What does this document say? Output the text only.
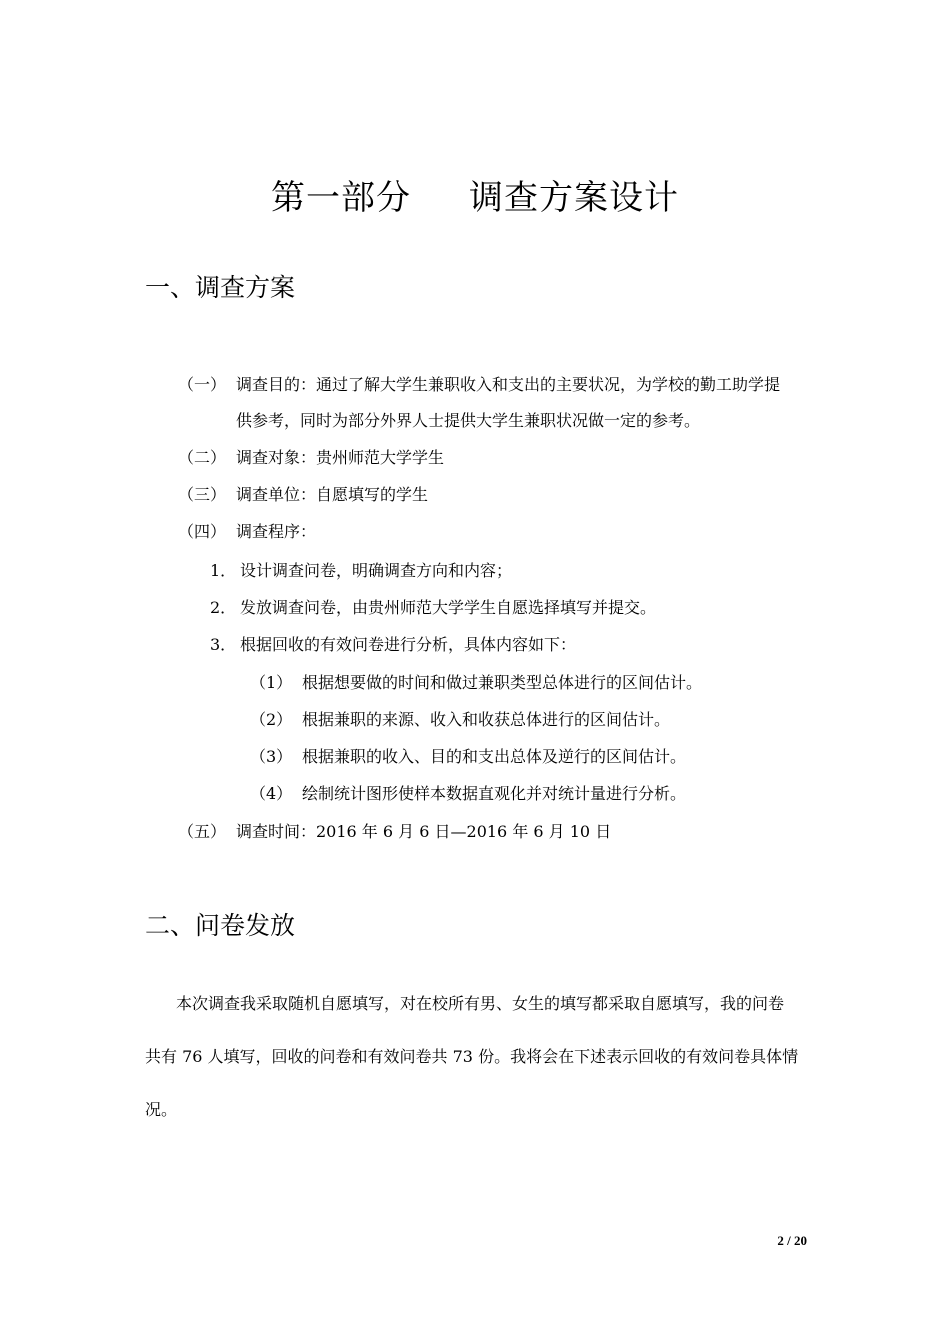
第一部分 调查方案设计
一、调查方案
（一） 调查目的：通过了解大学生兼职收入和支出的主要状况，为学校的勤工助学提
供参考，同时为部分外界人士提供大学生兼职状况做一定的参考。
（二） 调查对象：贵州师范大学学生
（三） 调查单位：自愿填写的学生
（四） 调查程序：
1． 设计调查问卷，明确调查方向和内容；
2． 发放调查问卷，由贵州师范大学学生自愿选择填写并提交。
3． 根据回收的有效问卷进行分析，具体内容如下：
（1） 根据想要做的时间和做过兼职类型总体进行的区间估计。
（2） 根据兼职的来源、收入和收获总体进行的区间估计。
（3） 根据兼职的收入、目的和支出总体及逆行的区间估计。
（4） 绘制统计图形使样本数据直观化并对统计量进行分析。
（五） 调查时间：2016 年 6 月 6 日—2016 年 6 月 10 日
二、问卷发放
本次调查我采取随机自愿填写，对在校所有男、女生的填写都采取自愿填写，我的问卷
共有 76 人填写，回收的问卷和有效问卷共 73 份。我将会在下述表示回收的有效问卷具体情
况。
2 / 20
